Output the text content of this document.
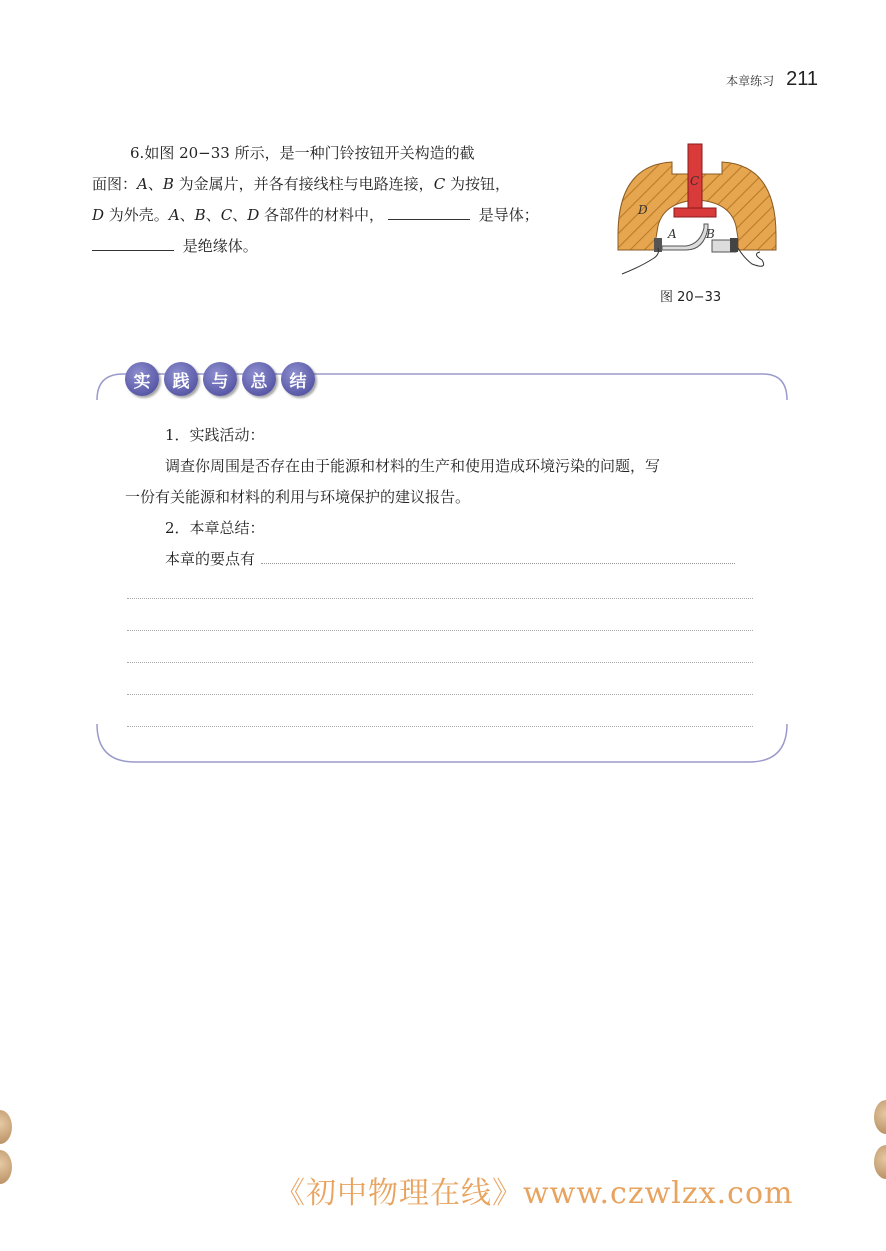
本章练习 211

6.如图 20−33 所示，是一种门铃按钮开关构造的截

面图：A、B 为金属片，并各有接线柱与电路连接，C 为按钮，

D 为外壳。A、B、C、D 各部件的材料中，	是导体；

是绝缘体。

C
D
A B
图 20−33
实	践	与	总	结

1．实践活动：

调查你周围是否存在由于能源和材料的生产和使用造成环境污染的问题，写

一份有关能源和材料的利用与环境保护的建议报告。

2．本章总结：

本章的要点有

《初中物理在线》www.czwlzx.com
